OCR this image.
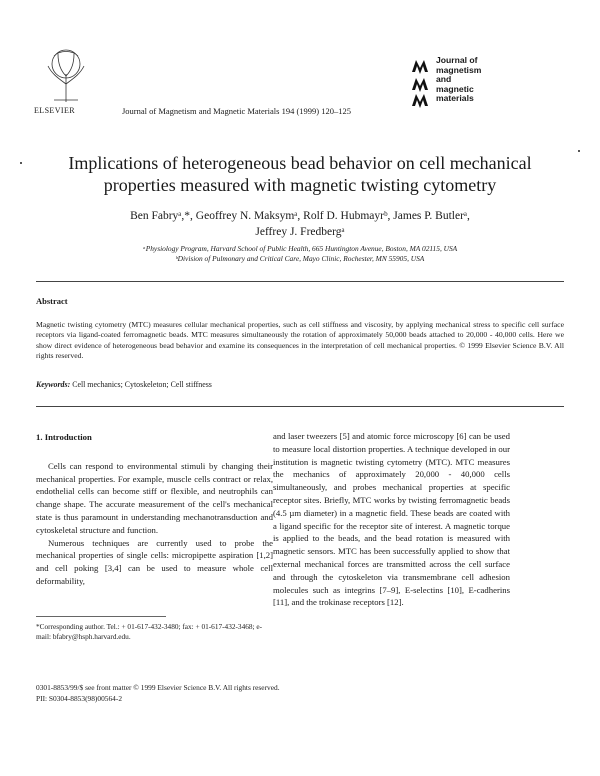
ELSEVIER	Journal of Magnetism and Magnetic Materials 194 (1999) 120–125
Journal of
magnetism
and
magnetic
materials
Implications of heterogeneous bead behavior on cell mechanical
properties measured with magnetic twisting cytometry
Ben Fabryᵃ,*, Geoffrey N. Maksymᵃ, Rolf D. Hubmayrᵇ, James P. Butlerᵃ,
Jeffrey J. Fredbergᵃ
ᵃPhysiology Program, Harvard School of Public Health, 665 Huntington Avenue, Boston, MA 02115, USA
ᵇDivision of Pulmonary and Critical Care, Mayo Clinic, Rochester, MN 55905, USA
Abstract
Magnetic twisting cytometry (MTC) measures cellular mechanical properties, such as cell stiffness and viscosity, by applying mechanical stress to specific cell surface receptors via ligand-coated ferromagnetic beads. MTC measures simultaneously the rotation of approximately 50,000 beads attached to 20,000 - 40,000 cells. Here we show direct evidence of heterogeneous bead behavior and examine its consequences in the interpretation of cell mechanical properties. © 1999 Elsevier Science B.V. All rights reserved.
Keywords: Cell mechanics; Cytoskeleton; Cell stiffness

1. Introduction

Cells can respond to environmental stimuli by changing their mechanical properties. For example, muscle cells contract or relax, endothelial cells can become stiff or flexible, and neutrophils can change shape. The accurate measurement of the cell's mechanical state is thus paramount in understanding mechanotransduction and cytoskeletal structure and function.

Numerous techniques are currently used to probe the mechanical properties of single cells: micropipette aspiration [1,2] and cell poking [3,4] can be used to measure whole cell deformability,

and laser tweezers [5] and atomic force microscopy [6] can be used to measure local distortion properties. A technique developed in our institution is magnetic twisting cytometry (MTC). MTC measures the mechanics of approximately 20,000 - 40,000 cells simultaneously, and probes mechanical properties at specific receptor sites. Briefly, MTC works by twisting ferromagnetic beads (4.5 µm diameter) in a magnetic field. These beads are coated with a ligand specific for the receptor site of interest. A magnetic torque is applied to the beads, and the bead rotation is measured with magnetic sensors. MTC has been successfully applied to show that external mechanical forces are transmitted across the cell surface and through the cytoskeleton via transmembrane cell adhesion molecules such as integrins [7–9], E-selectins [10], E-cadherins [11], and the trokinase receptors [12].

*Corresponding author. Tel.: + 01-617-432-3480; fax: + 01-617-432-3468; e-mail: bfabry@hsph.harvard.edu.
0301-8853/99/$ see front matter © 1999 Elsevier Science B.V. All rights reserved.
PII: S0304-8853(98)00564-2
